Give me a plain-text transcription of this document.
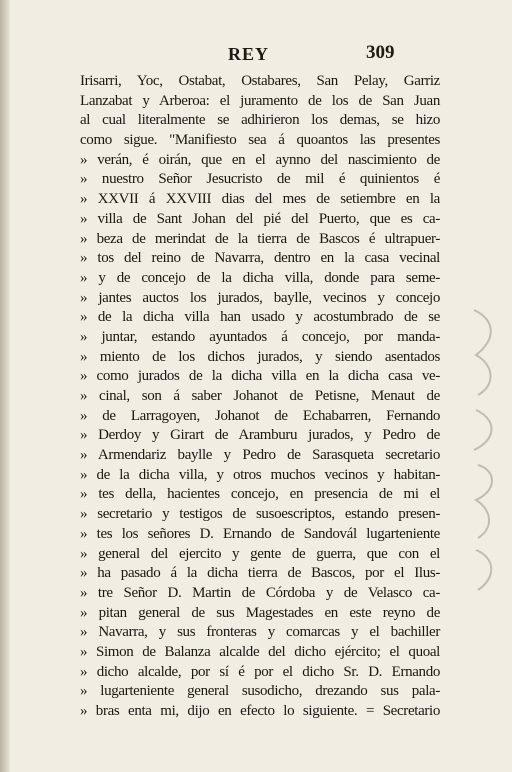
REY	309
Irisarri, Yoc, Ostabat, Ostabares, San Pelay, Garriz
Lanzabat y Arberoa: el juramento de los de San Juan
al cual literalmente se adhirieron los demas, se hizo
como sigue. "Manifiesto sea á quoantos las presentes
» verán, é oirán, que en el aynno del nascimiento de
» nuestro Señor Jesucristo de mil é quinientos é
» XXVII á XXVIII dias del mes de setiembre en la
» villa de Sant Johan del pié del Puerto, que es ca-
» beza de merindat de la tierra de Bascos é ultrapuer-
» tos del reino de Navarra, dentro en la casa vecinal
» y de concejo de la dicha villa, donde para seme-
» jantes auctos los jurados, baylle, vecinos y concejo
» de la dicha villa han usado y acostumbrado de se
» juntar, estando ayuntados á concejo, por manda-
» miento de los dichos jurados, y siendo asentados
» como jurados de la dicha villa en la dicha casa ve-
» cinal, son á saber Johanot de Petisne, Menaut de
» de Larragoyen, Johanot de Echabarren, Fernando
» Derdoy y Girart de Aramburu jurados, y Pedro de
» Armendariz baylle y Pedro de Sarasqueta secretario
» de la dicha villa, y otros muchos vecinos y habitan-
» tes della, hacientes concejo, en presencia de mi el
» secretario y testigos de susoescriptos, estando presen-
» tes los señores D. Ernando de Sandovál lugarteniente
» general del ejercito y gente de guerra, que con el
» ha pasado á la dicha tierra de Bascos, por el Ilus-
» tre Señor D. Martin de Córdoba y de Velasco ca-
» pitan general de sus Magestades en este reyno de
» Navarra, y sus fronteras y comarcas y el bachiller
» Simon de Balanza alcalde del dicho ejército; el quoal
» dicho alcalde, por sí é por el dicho Sr. D. Ernando
» lugarteniente general susodicho, drezando sus pala-
» bras enta mi, dijo en efecto lo siguiente. = Secretario
